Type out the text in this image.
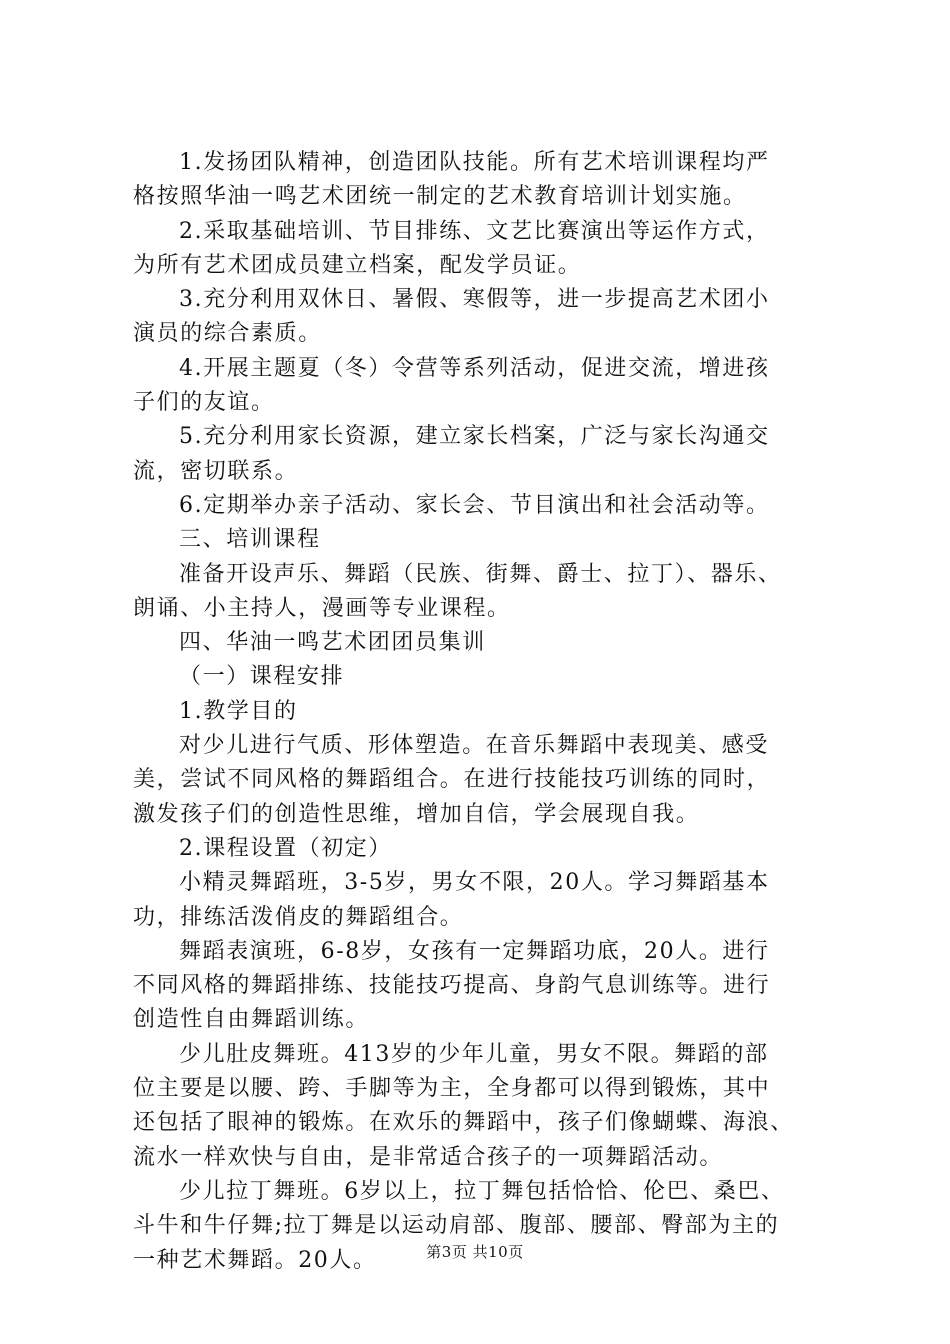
1.发扬团队精神，创造团队技能。所有艺术培训课程均严
格按照华油一鸣艺术团统一制定的艺术教育培训计划实施。
2.采取基础培训、节目排练、文艺比赛演出等运作方式，
为所有艺术团成员建立档案，配发学员证。
3.充分利用双休日、暑假、寒假等，进一步提高艺术团小
演员的综合素质。
4.开展主题夏（冬）令营等系列活动，促进交流，增进孩
子们的友谊。
5.充分利用家长资源，建立家长档案，广泛与家长沟通交
流，密切联系。
6.定期举办亲子活动、家长会、节目演出和社会活动等。
三、培训课程
准备开设声乐、舞蹈（民族、街舞、爵士、拉丁）、器乐、
朗诵、小主持人，漫画等专业课程。
四、华油一鸣艺术团团员集训
（一）课程安排
1.教学目的
对少儿进行气质、形体塑造。在音乐舞蹈中表现美、感受
美，尝试不同风格的舞蹈组合。在进行技能技巧训练的同时，
激发孩子们的创造性思维，增加自信，学会展现自我。
2.课程设置（初定）
小精灵舞蹈班，3-5岁，男女不限，20人。学习舞蹈基本
功，排练活泼俏皮的舞蹈组合。
舞蹈表演班，6-8岁，女孩有一定舞蹈功底，20人。进行
不同风格的舞蹈排练、技能技巧提高、身韵气息训练等。进行
创造性自由舞蹈训练。
少儿肚皮舞班。413岁的少年儿童，男女不限。舞蹈的部
位主要是以腰、跨、手脚等为主，全身都可以得到锻炼，其中
还包括了眼神的锻炼。在欢乐的舞蹈中，孩子们像蝴蝶、海浪、
流水一样欢快与自由，是非常适合孩子的一项舞蹈活动。
少儿拉丁舞班。6岁以上，拉丁舞包括恰恰、伦巴、桑巴、
斗牛和牛仔舞;拉丁舞是以运动肩部、腹部、腰部、臀部为主的
一种艺术舞蹈。20人。	第3页 共10页
